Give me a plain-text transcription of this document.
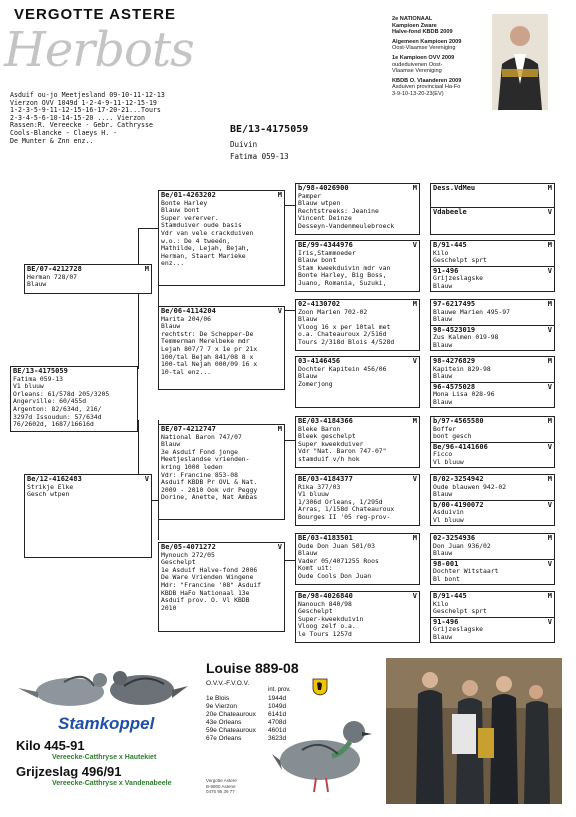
VERGOTTE ASTERE
Herbots
Asduif ou-jo Meetjesland 09-10-11-12-13
Vierzon OVV 1049d 1-2-4-9-11-12-15-19
1-2-3-5-9-11-12-15-16-17-20-21...Tours
2-3-4-5-6-10-14-15-20 .... Vierzon
Rassen:R. Vereecke - Gebr. Cathrysse
Cools-Blancke - Claeys H. -
De Munter & Znn enz..
2e NATIONAAL
Kampioen Zware
Halve-fond KBDB 2009
Algemeen Kampioen 2009
Oost-Vlaamse Vereniging
1e Kampioen OVV 2009
oudeduivenen Oost-
Vlaamse Vereniging
KBDB O. Vlaanderen 2009
Asduiven provinciaal Ha-Fo
3-9-10-13-20-23(EV)
BE/13-4175059
Duivin
Fatima 059-13
BE/13-4175059
Fatima 059-13
V1 bluuw
Orleans: 61/578d 205/3205
Angerville: 60/455d
Argenton: 82/634d, 216/
3297d Issoudun: 57/634d
76/2602d, 1687/16616d
BE/07-4212728	M
Herman 728/07
Blauw
Be/12-4162483	V
Strikje Elke
Gesch wtpen
Be/01-4263202	M
Bonte Harley
Blauw bont
Super vererver.
Stamduiver oude basis
Vdr van vele crackduiven
w.o.: De 4 tweeën,
Mathilde, Lejah, Bejah,
Herman, Staart Marieke
enz...
Be/06-4114204	V
Marita 204/06
Blauw
rechtstr: De Schepper-De
Temmerman Merelbeke mdr
Lejah 807/7 7 x 1e pr 21x
100/tal Bejah 841/08 8 x
100-tal Nejah 000/09 16 x
10-tal enz...
BE/07-4212747	M
National Baron 747/07
Blauw
3e Asduif Fond jonge
Meetjeslandse vrienden-
kring 1000 leden
Vdr: Francine 853-08
Asduif KBDB Pr OVL & Nat.
2009 - 2010 Ook vdr Peggy
Dorine, Anette, Nat Ambas
Be/05-4071272	V
Mynouch 272/05
Geschelpt
1e Asduif Halve-fond 2006
De Ware Vrienden Wingene
Mdr: "Francine '08" Asduif
KBDB HaFo Nationaal 13e
Asduif prov. O. Vl KBDB
2010
b/98-4026900	M
Pamper
Blauw wtpen
Rechtstreeks: Jeanine
Vincent Deinze
Desseyn-Vandenmeulebroeck
BE/99-4344976	V
Iris,Stammoeder
Blauw bont
Stam kweekduivin mdr van
Bonte Harley, Big Boss,
Juano, Romania, Suzuki,
02-4130702	M
Zoon Marien 702-02
Blauw
Vloog 16 x per 10tal met
o.a. Chateauroux 2/516d
Tours 2/318d Blois 4/528d
03-4146456	V
Dochter Kapitein 456/06
Blauw
Zomerjong
BE/03-4184366	M
Bleke Baron
Bleek geschelpt
Super kweekduiver
Vdr "Nat. Baron 747-07"
stamduif v/h hok
BE/03-4184377	V
Rika 377/03
V1 bluuw
1/306d Orleans, 1/295d
Arras, 1/158d Chateauroux
Bourges II '05 reg-prov-
BE/03-4183501	M
Oude Don Juan 501/03
Blauw
Vader 05/4071255 Roos
Komt uit:
Oude Cools Don Juan
Be/98-4026840	V
Nanouch 840/98
Geschelpt
Super-kweekduivin
Vloog zelf o.a.
le Tours 1257d
Dess.VdMeu	M
Vdabeele	V
B/91-445	M
Kilo
Geschelpt sprt
91-496	V
Grijzeslagske
Blauw
97-6217495	M
Blauwe Marien 495-97
Blauw
98-4523019	V
Zus Kalmen 019-98
Blauw
98-4276829	M
Kapitein 829-98
Blauw
96-4575028	V
Mona Lisa 028-96
Blauw
b/97-4565580	M
Boffer
bont gesch
Be/96-4141606	V
Ficco
Vl bluuw
B/02-3254942	M
Oude blauwen 942-02
Blauw
b/00-4190072	V
Asduivin
Vl bluuw
02-3254936	M
Don Juan 936/02
Blauw
98-001	V
Dochter Witstaart
Bl bont
B/91-445	M
Kilo
Geschelpt sprt
91-496	V
Grijzeslagske
Blauw
Stamkoppel
Kilo 445-91
Vereecke-Catthryse x Hautekiet
Grijzeslag 496/91
Vereecke-Catthryse x Vandenabeele
Louise 889-08
O.V.V.-F.V.O.V.
int. prov.
1e Blois	1944d
9e Vierzon	1049d
20e Chateauroux 6141d
43e Orleans	4708d
59e Chateauroux 4601d
67e Orleans	3623d
Vergotte Astere
B-9800 Astene
0475 95 39 77
